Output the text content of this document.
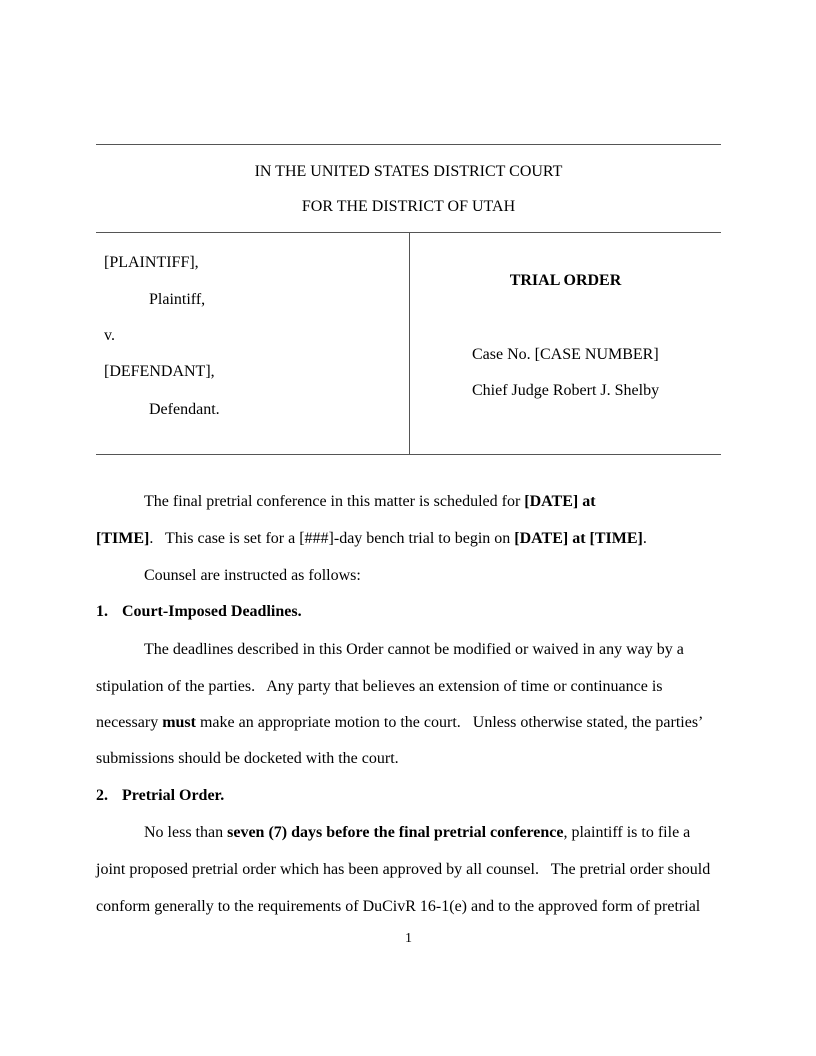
IN THE UNITED STATES DISTRICT COURT
FOR THE DISTRICT OF UTAH
[PLAINTIFF],
Plaintiff,
v.
[DEFENDANT],
Defendant.
TRIAL ORDER
Case No. [CASE NUMBER]
Chief Judge Robert J. Shelby
The final pretrial conference in this matter is scheduled for [DATE] at
[TIME].   This case is set for a [###]-day bench trial to begin on [DATE] at [TIME].
Counsel are instructed as follows:
1. Court-Imposed Deadlines.
The deadlines described in this Order cannot be modified or waived in any way by a
stipulation of the parties.   Any party that believes an extension of time or continuance is
necessary must make an appropriate motion to the court.   Unless otherwise stated, the parties’
submissions should be docketed with the court.
2. Pretrial Order.
No less than seven (7) days before the final pretrial conference, plaintiff is to file a
joint proposed pretrial order which has been approved by all counsel.   The pretrial order should
conform generally to the requirements of DuCivR 16-1(e) and to the approved form of pretrial
1
